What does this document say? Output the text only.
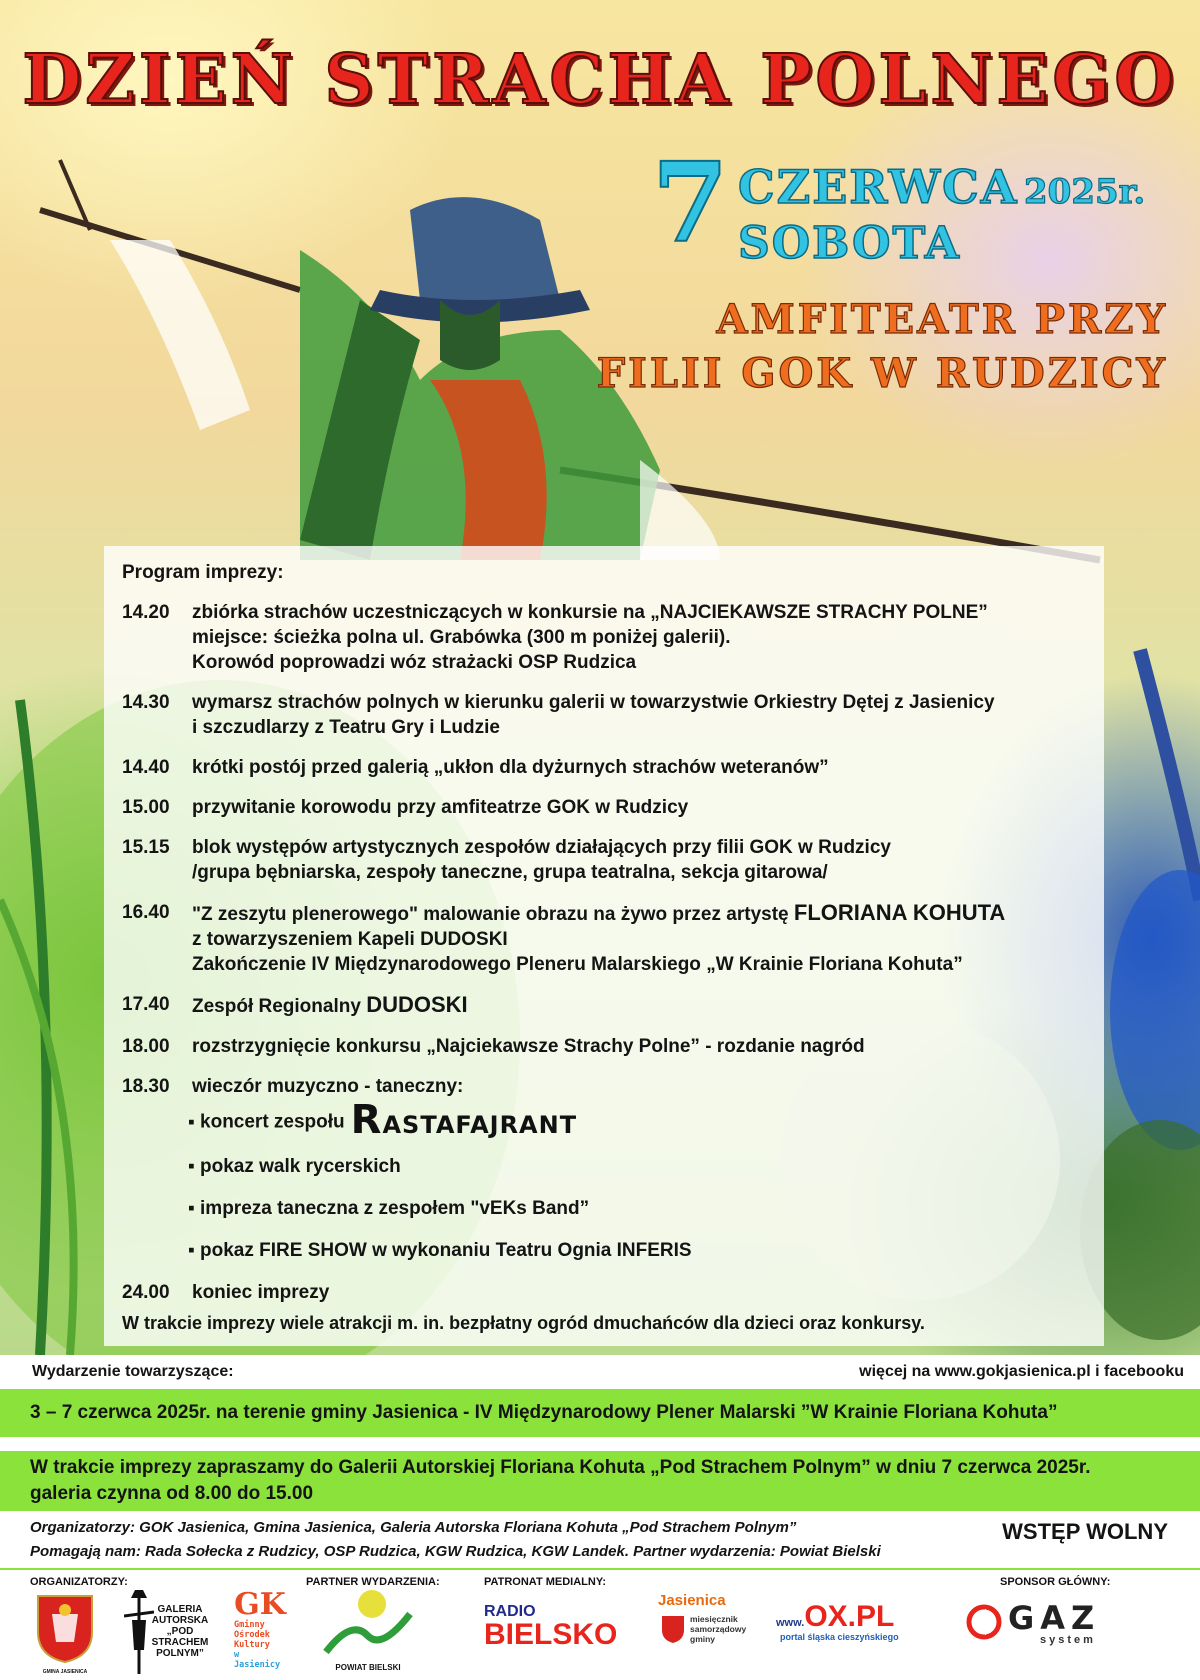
DZIEŃ STRACHA POLNEGO
7 CZERWCA 2025r.
SOBOTA
AMFITEATR PRZY
FILII GOK W RUDZICY
Program imprezy:
14.20	zbiórka strachów uczestniczących w konkursie na „NAJCIEKAWSZE STRACHY POLNE”
miejsce: ścieżka polna ul. Grabówka (300 m poniżej galerii).
Korowód poprowadzi wóz strażacki OSP Rudzica
14.30	wymarsz strachów polnych w kierunku galerii w towarzystwie Orkiestry Dętej z Jasienicy
i szczudlarzy z Teatru Gry i Ludzie
14.40	krótki postój przed galerią „ukłon dla dyżurnych strachów weteranów”
15.00	przywitanie korowodu przy amfiteatrze GOK w Rudzicy
15.15	blok występów artystycznych zespołów działających przy filii GOK w Rudzicy
/grupa bębniarska, zespoły taneczne, grupa teatralna, sekcja gitarowa/
16.40	"Z zeszytu plenerowego" malowanie obrazu na żywo przez artystę FLORIANA KOHUTA
z towarzyszeniem Kapeli DUDOSKI
Zakończenie IV Międzynarodowego Pleneru Malarskiego „W Krainie Floriana Kohuta”
17.40	Zespół Regionalny DUDOSKI
18.00	rozstrzygnięcie konkursu „Najciekawsze Strachy Polne” - rozdanie nagród
18.30	wieczór muzyczno - taneczny:
▪ koncert zespołu RASTAFAJRANT
▪ pokaz walk rycerskich
▪ impreza taneczna z zespołem "vEKs Band”
▪ pokaz FIRE SHOW w wykonaniu Teatru Ognia INFERIS
24.00	koniec imprezy
W trakcie imprezy wiele atrakcji m. in. bezpłatny ogród dmuchańców dla dzieci oraz konkursy.
Wydarzenie towarzyszące:	więcej na www.gokjasienica.pl i facebooku
3 – 7 czerwca 2025r. na terenie gminy Jasienica - IV Międzynarodowy Plener Malarski ”W Krainie Floriana Kohuta”
W trakcie imprezy zapraszamy do Galerii Autorskiej Floriana Kohuta „Pod Strachem Polnym” w dniu 7 czerwca 2025r.
galeria czynna od 8.00 do 15.00
Organizatorzy: GOK Jasienica, Gmina Jasienica, Galeria Autorska Floriana Kohuta „Pod Strachem Polnym”
Pomagają nam: Rada Sołecka z Rudzicy, OSP Rudzica, KGW Rudzica, KGW Landek. Partner wydarzenia: Powiat Bielski
WSTĘP WOLNY
ORGANIZATORZY:	PARTNER WYDARZENIA:	PATRONAT MEDIALNY:	SPONSOR GŁÓWNY:
GMINA JASIENICA
GALERIA
AUTORSKA
„POD
STRACHEM
POLNYM”
GK
Gminny
Ośrodek
Kultury
w Jasienicy	POWIAT BIELSKI
RADIO
BIELSKO
Jasienica
miesięcznik
samorządowy
gminy
www.OX.PL
portal śląska cieszyńskiego	GAZ
system
